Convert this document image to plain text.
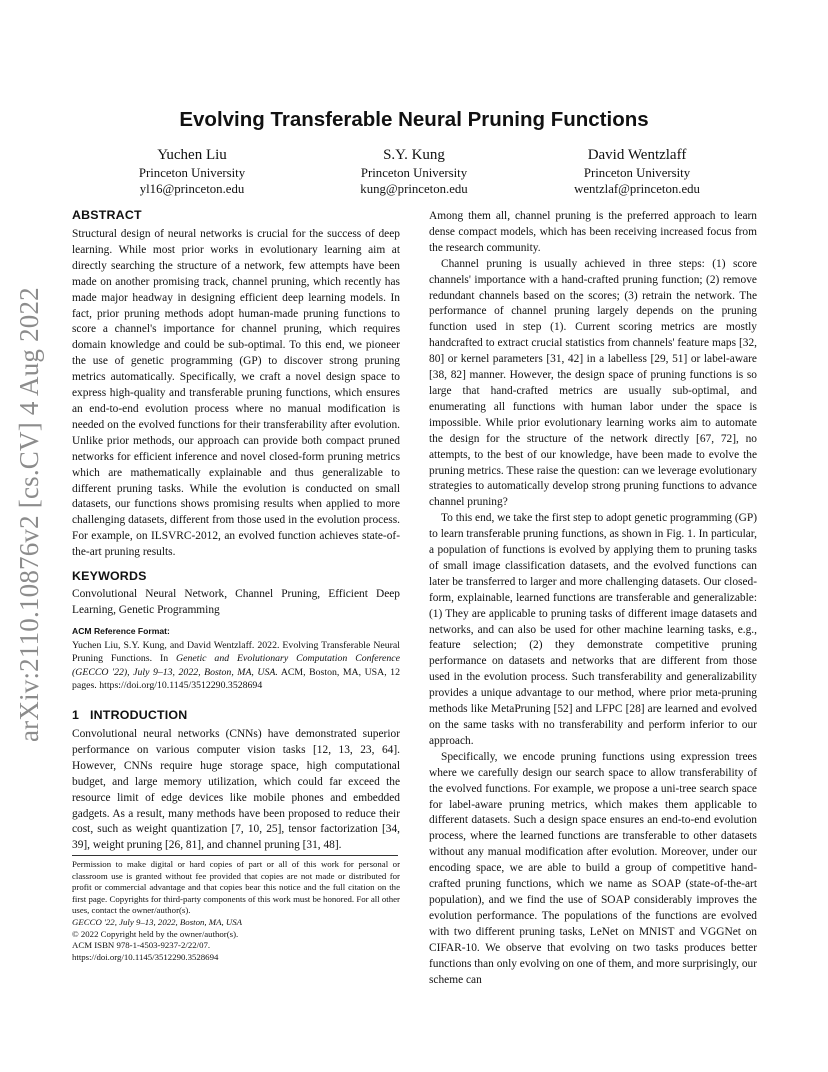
arXiv:2110.10876v2 [cs.CV] 4 Aug 2022
Evolving Transferable Neural Pruning Functions
Yuchen Liu
Princeton University
yl16@princeton.edu
S.Y. Kung
Princeton University
kung@princeton.edu
David Wentzlaff
Princeton University
wentzlaf@princeton.edu
ABSTRACT

Structural design of neural networks is crucial for the success of deep learning. While most prior works in evolutionary learning aim at directly searching the structure of a network, few attempts have been made on another promising track, channel pruning, which recently has made major headway in designing efficient deep learning models. In fact, prior pruning methods adopt human-made pruning functions to score a channel's importance for channel pruning, which requires domain knowledge and could be sub-optimal. To this end, we pioneer the use of genetic programming (GP) to discover strong pruning metrics automatically. Specifically, we craft a novel design space to express high-quality and transferable pruning functions, which ensures an end-to-end evolution process where no manual modification is needed on the evolved functions for their transferability after evolution. Unlike prior methods, our approach can provide both compact pruned networks for efficient inference and novel closed-form pruning metrics which are mathematically explainable and thus generalizable to different pruning tasks. While the evolution is conducted on small datasets, our functions shows promising results when applied to more challenging datasets, different from those used in the evolution process. For example, on ILSVRC-2012, an evolved function achieves state-of-the-art pruning results.

KEYWORDS

Convolutional Neural Network, Channel Pruning, Efficient Deep Learning, Genetic Programming

ACM Reference Format:

Yuchen Liu, S.Y. Kung, and David Wentzlaff. 2022. Evolving Transferable Neural Pruning Functions. In Genetic and Evolutionary Computation Conference (GECCO '22), July 9–13, 2022, Boston, MA, USA. ACM, Boston, MA, USA, 12 pages. https://doi.org/10.1145/3512290.3528694

1   INTRODUCTION

Convolutional neural networks (CNNs) have demonstrated superior performance on various computer vision tasks [12, 13, 23, 64]. However, CNNs require huge storage space, high computational budget, and large memory utilization, which could far exceed the resource limit of edge devices like mobile phones and embedded gadgets. As a result, many methods have been proposed to reduce their cost, such as weight quantization [7, 10, 25], tensor factorization [34, 39], weight pruning [26, 81], and channel pruning [31, 48].

Permission to make digital or hard copies of part or all of this work for personal or classroom use is granted without fee provided that copies are not made or distributed for profit or commercial advantage and that copies bear this notice and the full citation on the first page. Copyrights for third-party components of this work must be honored. For all other uses, contact the owner/author(s).

GECCO '22, July 9–13, 2022, Boston, MA, USA

© 2022 Copyright held by the owner/author(s).

ACM ISBN 978-1-4503-9237-2/22/07.

https://doi.org/10.1145/3512290.3528694

Among them all, channel pruning is the preferred approach to learn dense compact models, which has been receiving increased focus from the research community.

Channel pruning is usually achieved in three steps: (1) score channels' importance with a hand-crafted pruning function; (2) remove redundant channels based on the scores; (3) retrain the network. The performance of channel pruning largely depends on the pruning function used in step (1). Current scoring metrics are mostly handcrafted to extract crucial statistics from channels' feature maps [32, 80] or kernel parameters [31, 42] in a labelless [29, 51] or label-aware [38, 82] manner. However, the design space of pruning functions is so large that hand-crafted metrics are usually sub-optimal, and enumerating all functions with human labor under the space is impossible. While prior evolutionary learning works aim to automate the design for the structure of the network directly [67, 72], no attempts, to the best of our knowledge, have been made to evolve the pruning metrics. These raise the question: can we leverage evolutionary strategies to automatically develop strong pruning functions to advance channel pruning?

To this end, we take the first step to adopt genetic programming (GP) to learn transferable pruning functions, as shown in Fig. 1. In particular, a population of functions is evolved by applying them to pruning tasks of small image classification datasets, and the evolved functions can later be transferred to larger and more challenging datasets. Our closed-form, explainable, learned functions are transferable and generalizable: (1) They are applicable to pruning tasks of different image datasets and networks, and can also be used for other machine learning tasks, e.g., feature selection; (2) they demonstrate competitive pruning performance on datasets and networks that are different from those used in the evolution process. Such transferability and generalizability provides a unique advantage to our method, where prior meta-pruning methods like MetaPruning [52] and LFPC [28] are learned and evolved on the same tasks with no transferability and perform inferior to our approach.

Specifically, we encode pruning functions using expression trees where we carefully design our search space to allow transferability of the evolved functions. For example, we propose a uni-tree search space for label-aware pruning metrics, which makes them applicable to different datasets. Such a design space ensures an end-to-end evolution process, where the learned functions are transferable to other datasets without any manual modification after evolution. Moreover, under our encoding space, we are able to build a group of competitive hand-crafted pruning functions, which we name as SOAP (state-of-the-art population), and we find the use of SOAP considerably improves the evolution performance. The populations of the functions are evolved with two different pruning tasks, LeNet on MNIST and VGGNet on CIFAR-10. We observe that evolving on two tasks produces better functions than only evolving on one of them, and more surprisingly, our scheme can
